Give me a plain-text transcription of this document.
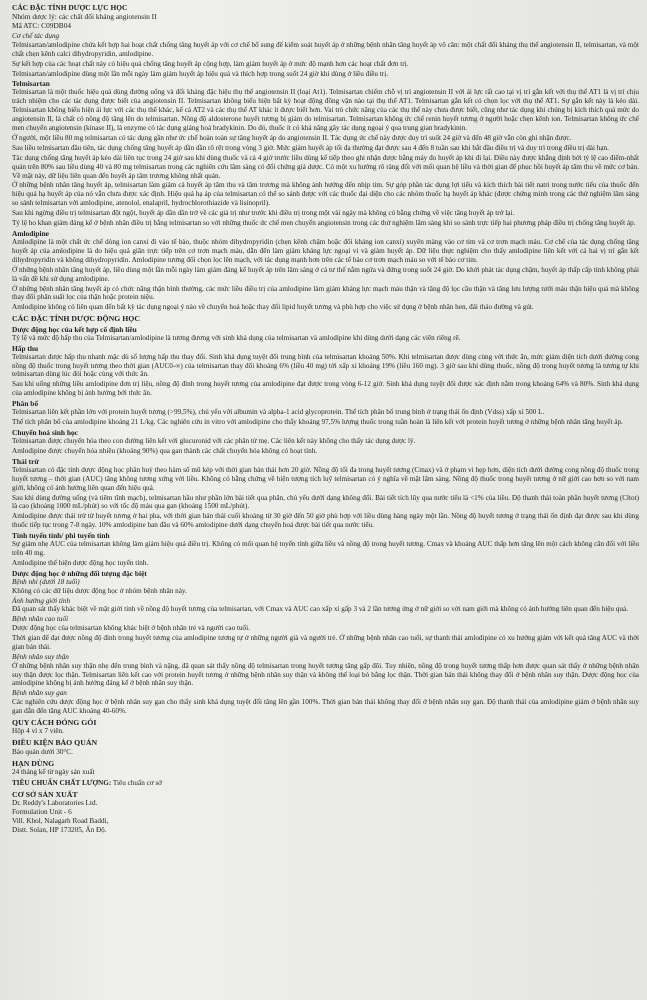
CÁC ĐẶC TÍNH DƯỢC LỰC HỌC

Nhóm dược lý: các chất đối kháng angiotensin II

Mã ATC: C09DB04

Cơ chế tác dụng

Telmisartan/amlodipine chứa kết hợp hai hoạt chất chống tăng huyết áp với cơ chế bổ sung để kiểm soát huyết áp ở những bệnh nhân tăng huyết áp vô căn: một chất đối kháng thụ thể angiotensin II, telmisartan, và một chất chẹn kênh calci dihydropyridin, amlodipine.

Sự kết hợp của các hoạt chất này có hiệu quả chống tăng huyết áp cộng hợp, làm giảm huyết áp ở mức độ mạnh hơn các hoạt chất đơn trị.

Telmisartan/amlodipine dùng một lần mỗi ngày làm giảm huyết áp hiệu quả và thích hợp trong suốt 24 giờ khi dùng ở liều điều trị.

Telmisartan

Telmisartan là một thuốc hiệu quả dùng đường uống và đối kháng đặc hiệu thụ thể angiotensin II (loại At1). Telmisartan chiếm chỗ vị trí angiotensin II với ái lực rất cao tại vị trí gắn kết với thụ thể AT1 là vị trí chịu trách nhiệm cho các tác dụng được biết của angiotensin II. Telmisartan không biểu hiện bất kỳ hoạt động đồng vận nào tại thụ thể AT1. Telmisartan gắn kết có chọn lọc với thụ thể AT1. Sự gắn kết này là kéo dài. Telmisartan không biểu hiện ái lực với các thụ thể khác, kể cả AT2 và các thụ thể AT khác ít được biết hơn. Vai trò chức năng của các thụ thể này chưa được biết, cũng như tác dụng khi chúng bị kích thích quá mức do angiotensin II, là chất có nồng độ tăng lên do telmisartan. Nồng độ aldosterone huyết tương bị giảm do telmisartan. Telmisartan không ức chế renin huyết tương ở người hoặc chẹn kênh ion. Telmisartan không ức chế men chuyển angiotensin (kinase II), là enzyme có tác dụng giáng hoá bradykinin. Do đó, thuốc ít có khả năng gây tác dụng ngoại ý qua trung gian bradykinin.

Ở người, một liều 80 mg telmisartan có tác dụng gần như ức chế hoàn toàn sự tăng huyết áp do angiotensin II. Tác dụng ức chế này được duy trì suốt 24 giờ và đến 48 giờ vẫn còn ghi nhận được.

Sau liều telmisartan đầu tiên, tác dụng chống tăng huyết áp dần dần rõ rệt trong vòng 3 giờ. Mức giảm huyết áp tối đa thường đạt được sau 4 đến 8 tuần sau khi bắt đầu điều trị và duy trì trong điều trị dài hạn.

Tác dụng chống tăng huyết áp kéo dài liên tục trong 24 giờ sau khi dùng thuốc và cả 4 giờ trước liều dùng kế tiếp theo ghi nhận được bằng máy đo huyết áp khi đi lại. Điều này được khẳng định bởi tỷ lệ cao điểm-nhất quán trên 80% sau liều dùng 40 và 80 mg telmisartan trong các nghiên cứu lâm sàng có đối chứng giả dược. Có một xu hướng rõ ràng đối với mối quan hệ liều và thời gian để phục hồi huyết áp tâm thu về mức cơ bản. Về mặt này, dữ liệu liên quan đến huyết áp tâm trương không nhất quán.

Ở những bệnh nhân tăng huyết áp, telmisartan làm giảm cả huyết áp tâm thu và tâm trương mà không ảnh hưởng đến nhịp tim. Sự góp phần tác dụng lợi tiểu và kích thích bài tiết natri trong nước tiểu của thuốc đến hiệu quả hạ huyết áp của nó vẫn chưa được xác định. Hiệu quả hạ áp của telmisartan có thể so sánh được với các thuốc đại diện cho các nhóm thuốc hạ huyết áp khác (được chứng minh trong các thử nghiệm lâm sàng so sánh telmisartan với amlodipine, atenolol, enalapril, hydrochlorothiazide và lisinopril).

Sau khi ngừng điều trị telmisartan đột ngột, huyết áp dần dần trở về các giá trị như trước khi điều trị trong một vài ngày mà không có bằng chứng về việc tăng huyết áp trở lại.

Tỷ lệ ho khan giảm đáng kể ở bệnh nhân điều trị bằng telmisartan so với những thuốc ức chế men chuyển angiotensin trong các thử nghiệm lâm sàng khi so sánh trực tiếp hai phương pháp điều trị chống tăng huyết áp.

Amlodipine

Amlodipine là một chất ức chế dòng ion canxi đi vào tế bào, thuộc nhóm dihydropyridin (chẹn kênh chậm hoặc đối kháng ion canxi) xuyên màng vào cơ tim và cơ trơn mạch máu. Cơ chế của tác dụng chống tăng huyết áp của amlodipine là do hiệu quả giãn trực tiếp trên cơ trơn mạch máu, dẫn đến làm giảm kháng lực ngoại vi và giảm huyết áp. Dữ liệu thực nghiệm cho thấy amlodipine liên kết với cả hai vị trí gắn kết dihydropyridin và không dihydropyridin. Amlodipine tương đối chọn lọc lên mạch, với tác dụng mạnh hơn trên các tế bào cơ trơn mạch máu so với tế bào cơ tim.

Ở những bệnh nhân tăng huyết áp, liều dùng một lần mỗi ngày làm giảm đáng kể huyết áp trên lâm sàng ở cả tư thế nằm ngửa và đứng trong suốt 24 giờ. Do khởi phát tác dụng chậm, huyết áp thấp cấp tính không phải là vấn đề khi sử dụng amlodipine.

Ở những bệnh nhân tăng huyết áp có chức năng thận bình thường, các mức liều điều trị của amlodipine làm giảm kháng lực mạch máu thận và tăng độ lọc cầu thận và tăng lưu lượng tưới máu thận hiệu quả mà không thay đổi phân suất lọc của thận hoặc protein niệu.

Amlodipine không có liên quan đến bất kỳ tác dụng ngoại ý nào về chuyển hoá hoặc thay đổi lipid huyết tương và phù hợp cho việc sử dụng ở bệnh nhân hen, đái tháo đường và gút.

CÁC ĐẶC TÍNH DƯỢC ĐỘNG HỌC

Dược động học của kết hợp cố định liều

Tỷ lệ và mức độ hấp thu của Telmisartan/amlodipine là tương đương với sinh khả dụng của telmisartan và amlodipine khi dùng dưới dạng các viên riêng rẽ.

Hấp thu

Telmisartan được hấp thu nhanh mặc dù số lượng hấp thu thay đổi. Sinh khả dụng tuyệt đối trung bình của telmisartan khoảng 50%. Khi telmisartan được dùng cùng với thức ăn, mức giảm diện tích dưới đường cong nồng độ thuốc trong huyết tương theo thời gian (AUC0-∞) của telmisartan thay đổi khoảng 6% (liều 40 mg) tới xấp xỉ khoảng 19% (liều 160 mg). 3 giờ sau khi dùng thuốc, nồng độ trong huyết tương là tương tự khi telmisartan dùng lúc đói hoặc cùng với thức ăn.

Sau khi uống những liều amlodipine đơn trị liệu, nồng độ đỉnh trong huyết tương của amlodipine đạt được trong vòng 6-12 giờ. Sinh khả dụng tuyệt đối được xác định nằm trong khoảng 64% và 80%. Sinh khả dụng của amlodipine không bị ảnh hưởng bởi thức ăn.

Phân bố

Telmisartan liên kết phần lớn với protein huyết tương (>99,5%), chủ yếu với albumin và alpha-1 acid glycoprotein. Thể tích phân bố trung bình ở trạng thái ổn định (Vdss) xấp xỉ 500 L.

Thể tích phân bố của amlodipine khoảng 21 L/kg. Các nghiên cứu in vitro với amlodipine cho thấy khoảng 97,5% lượng thuốc trong tuần hoàn là liên kết với protein huyết tương ở những bệnh nhân tăng huyết áp.

Chuyển hoá sinh học

Telmisartan được chuyển hóa theo con đường liên kết với glucuronid với các phân tử mẹ. Các liên kết này không cho thấy tác dụng dược lý.

Amlodipine được chuyển hóa nhiều (khoảng 90%) qua gan thành các chất chuyển hóa không có hoạt tính.

Thải trừ

Telmisartan có đặc tính dược động học phân huỷ theo hàm số mũ kép với thời gian bán thải hơn 20 giờ. Nồng độ tối đa trong huyết tương (Cmax) và ở phạm vi hẹp hơn, diện tích dưới đường cong nồng độ thuốc trong huyết tương – thời gian (AUC) tăng không tương xứng với liều. Không có bằng chứng về hiện tượng tích luỹ telmisartan có ý nghĩa về mặt lâm sàng. Nồng độ thuốc trong huyết tương ở nữ giới cao hơn so với nam giới, không có ảnh hưởng liên quan đến hiệu quả.

Sau khi dùng đường uống (và tiêm tĩnh mạch), telmisartan hầu như phần lớn bài tiết qua phân, chủ yếu dưới dạng không đổi. Bài tiết tích lũy qua nước tiểu là <1% của liều. Độ thanh thải toàn phần huyết tương (Cltot) là cao (khoảng 1000 mL/phút) so với tốc độ máu qua gan (khoảng 1500 mL/phút).

Amlodipine được thải trừ từ huyết tương ở hai pha, với thời gian bán thải cuối khoảng từ 30 giờ đến 50 giờ phù hợp với liều dùng hàng ngày một lần. Nồng độ huyết tương ở trạng thái ổn định đạt được sau khi dùng thuốc tiếp tục trong 7-8 ngày. 10% amlodipine ban đầu và 60% amlodipine dưới dạng chuyển hoá được bài tiết qua nước tiểu.

Tính tuyến tính/ phi tuyến tính

Sự giảm nhẹ AUC của telmisartan không làm giảm hiệu quả điều trị. Không có mối quan hệ tuyến tính giữa liều và nồng độ trong huyết tương. Cmax và khoảng AUC thấp hơn tăng lên một cách không cân đối với liều trên 40 mg.

Amlodipine thể hiện dược động học tuyến tính.

Dược động học ở những đối tượng đặc biệt

Bệnh nhi (dưới 18 tuổi)

Không có các dữ liệu dược động học ở nhóm bệnh nhân này.

Ảnh hưởng giới tính

Đã quan sát thấy khác biệt về mặt giới tính về nồng độ huyết tương của telmisartan, với Cmax và AUC cao xấp xỉ gấp 3 và 2 lần tương ứng ở nữ giới so với nam giới mà không có ảnh hưởng liên quan đến hiệu quả.

Bệnh nhân cao tuổi

Dược động học của telmisartan không khác biệt ở bệnh nhân trẻ và người cao tuổi.

Thời gian để đạt được nồng độ đỉnh trong huyết tương của amlodipine tương tự ở những người già và người trẻ. Ở những bệnh nhân cao tuổi, sự thanh thải amlodipine có xu hướng giảm với kết quả tăng AUC và thời gian bán thải.

Bệnh nhân suy thận

Ở những bệnh nhân suy thận nhẹ đến trung bình và nặng, đã quan sát thấy nồng độ telmisartan trong huyết tương tăng gấp đôi. Tuy nhiên, nồng độ trong huyết tương thấp hơn được quan sát thấy ở những bệnh nhân suy thận được lọc thận. Telmisartan liên kết cao với protein huyết tương ở những bệnh nhân suy thận và không thể loại bỏ bằng lọc thận. Thời gian bán thải không thay đổi ở bệnh nhân suy thận. Dược động học của amlodipine không bị ảnh hưởng đáng kể ở bệnh nhân suy thận.

Bệnh nhân suy gan

Các nghiên cứu dược động học ở bệnh nhân suy gan cho thấy sinh khả dụng tuyệt đối tăng lên gần 100%. Thời gian bán thải không thay đổi ở bệnh nhân suy gan. Độ thanh thải của amlodipine giảm ở bệnh nhân suy gan dẫn đến tăng AUC khoảng 40-60%.

QUY CÁCH ĐÓNG GÓI

Hộp 4 vỉ x 7 viên.

ĐIỀU KIỆN BẢO QUẢN

Bảo quản dưới 30°C.

HẠN DÙNG

24 tháng kể từ ngày sản xuất

TIÊU CHUẨN CHẤT LƯỢNG: Tiêu chuẩn cơ sở

CƠ SỞ SẢN XUẤT

Dr. Reddy's Laboratories Ltd.

Formulation Unit - 6

Vill. Khol, Nalagarh Road Baddi,

Distt. Solan, HP 173205, Ấn Độ.
